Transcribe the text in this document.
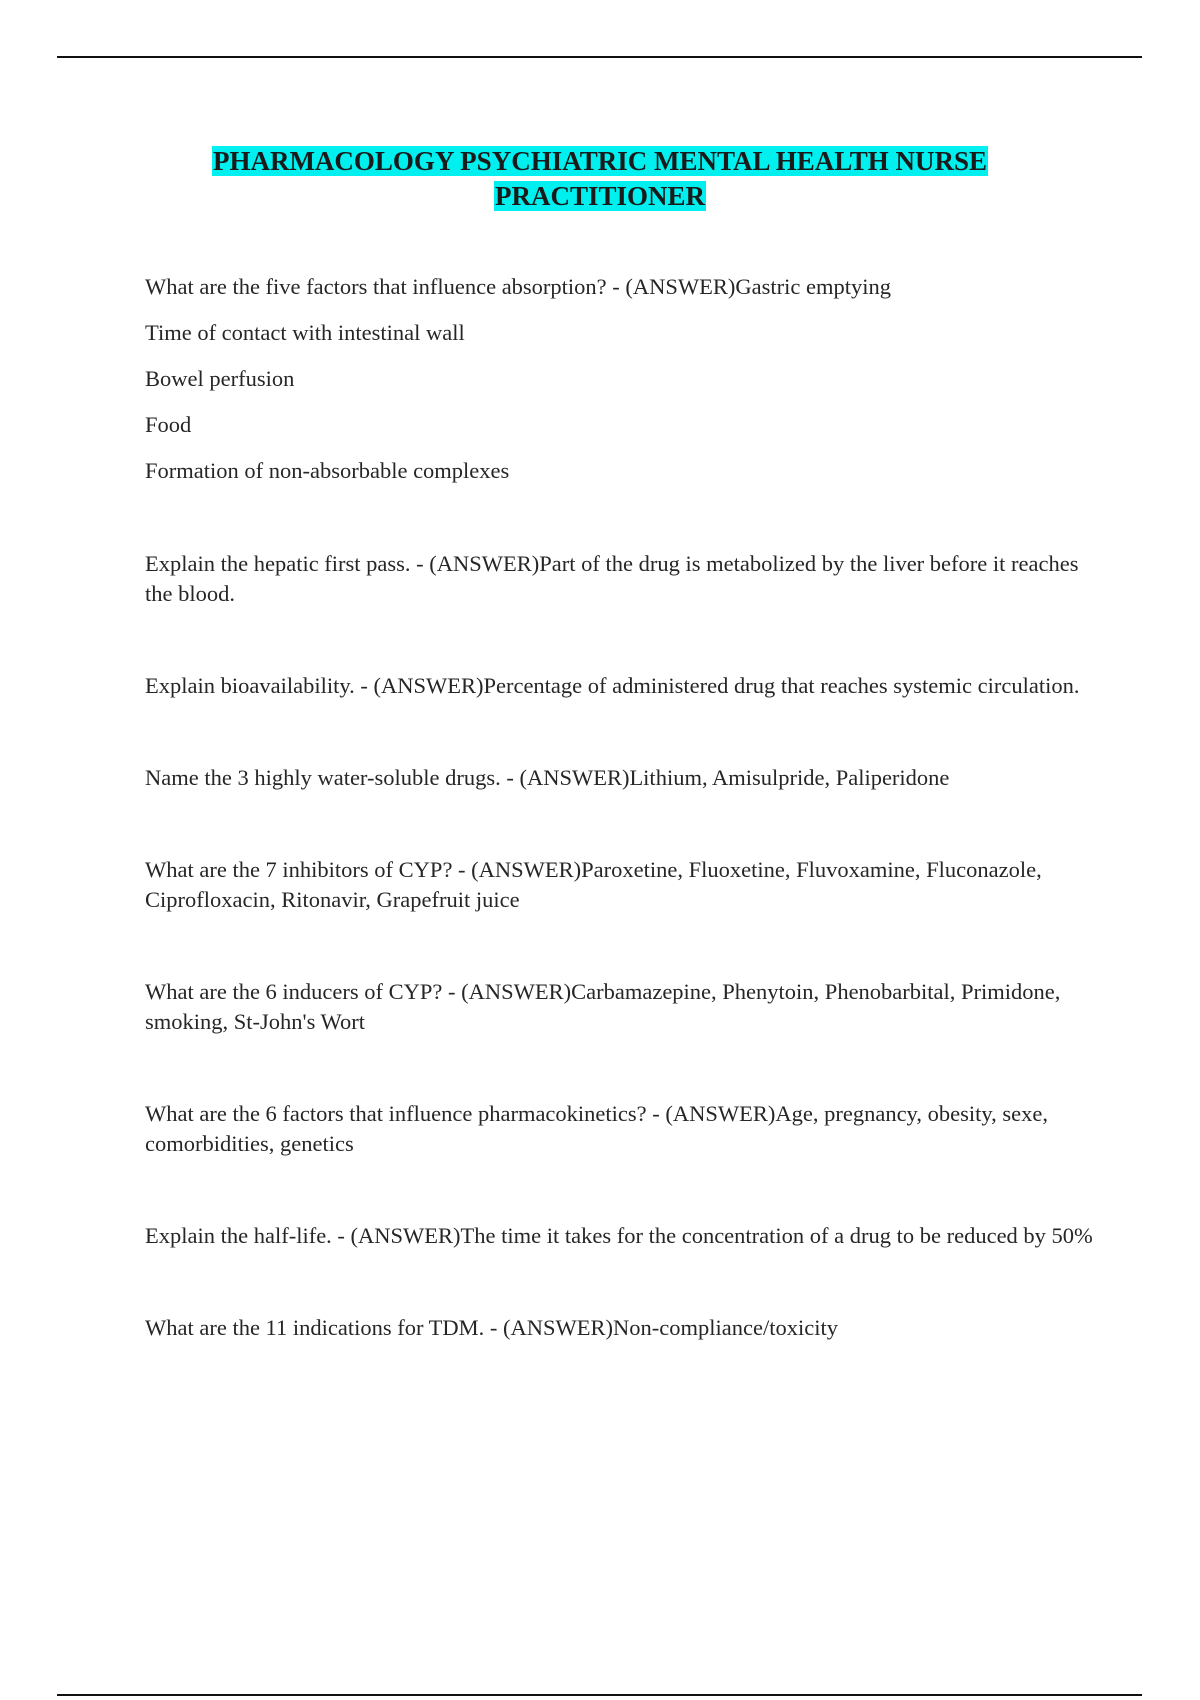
PHARMACOLOGY PSYCHIATRIC MENTAL HEALTH NURSE
PRACTITIONER
What are the five factors that influence absorption? - (ANSWER)Gastric emptying
Time of contact with intestinal wall
Bowel perfusion
Food
Formation of non-absorbable complexes

Explain the hepatic first pass. - (ANSWER)Part of the drug is metabolized by the liver before it reaches the blood.

Explain bioavailability. - (ANSWER)Percentage of administered drug that reaches systemic circulation.

Name the 3 highly water-soluble drugs. - (ANSWER)Lithium, Amisulpride, Paliperidone

What are the 7 inhibitors of CYP? - (ANSWER)Paroxetine, Fluoxetine, Fluvoxamine, Fluconazole, Ciprofloxacin, Ritonavir, Grapefruit juice

What are the 6 inducers of CYP? - (ANSWER)Carbamazepine, Phenytoin, Phenobarbital, Primidone, smoking, St-John's Wort

What are the 6 factors that influence pharmacokinetics? - (ANSWER)Age, pregnancy, obesity, sexe, comorbidities, genetics

Explain the half-life. - (ANSWER)The time it takes for the concentration of a drug to be reduced by 50%

What are the 11 indications for TDM. - (ANSWER)Non-compliance/toxicity
